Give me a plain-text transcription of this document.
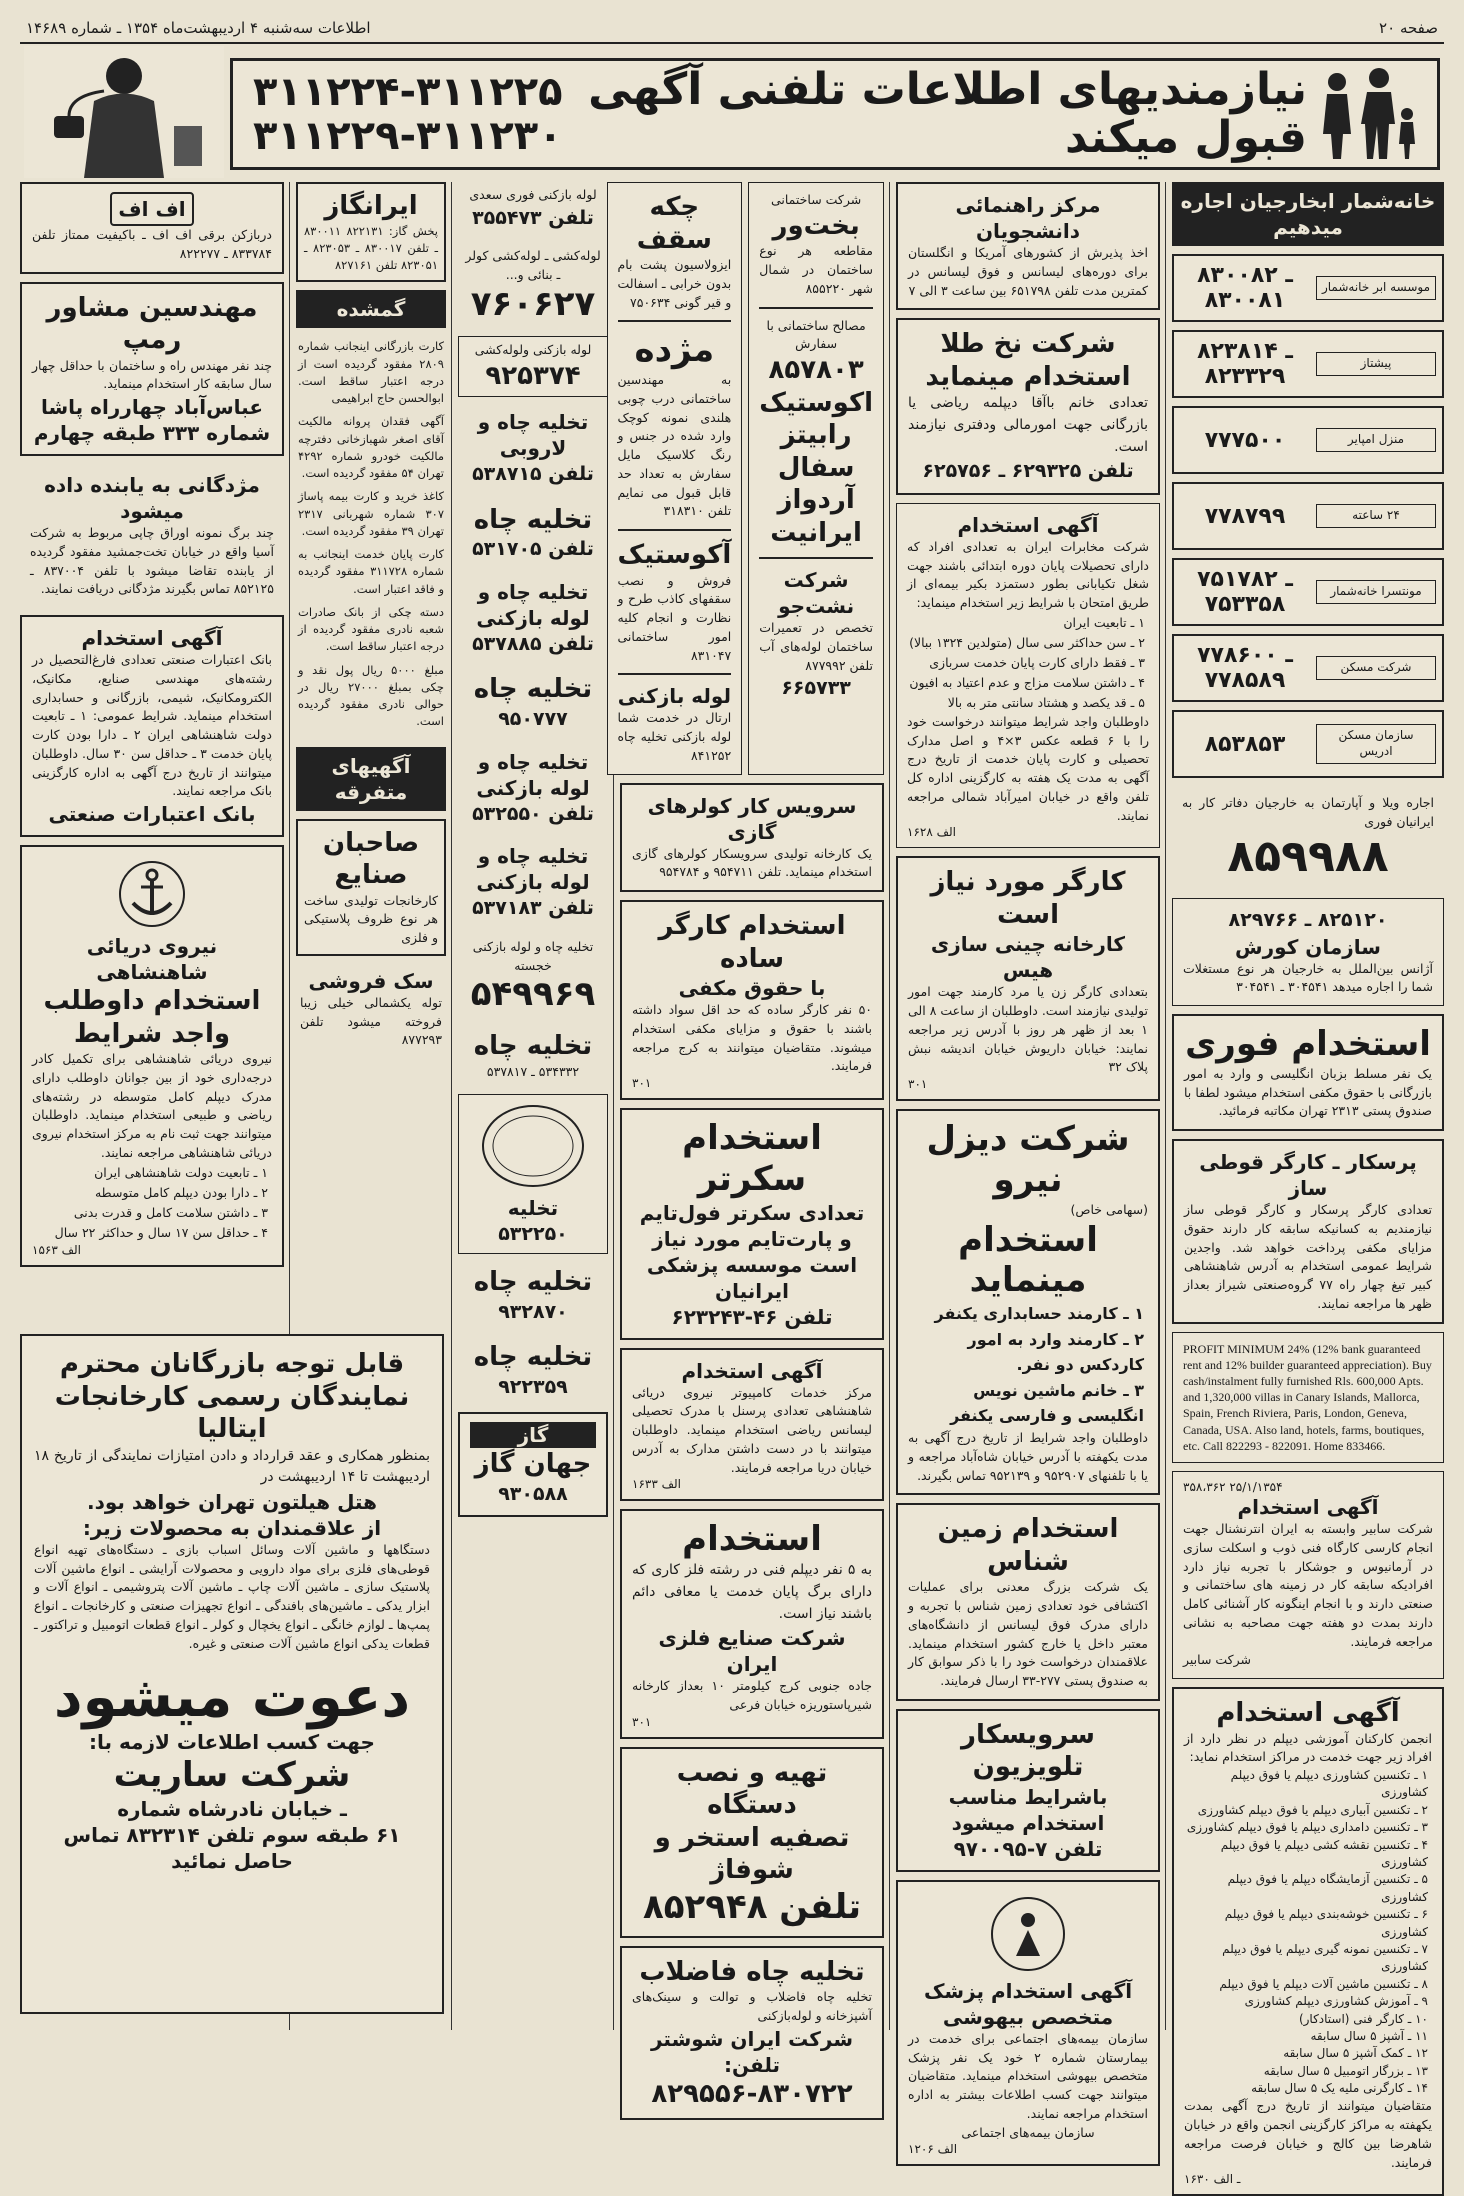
صفحه ۲۰
اطلاعات سه‌شنبه ۴ اردیبهشت‌ماه ۱۳۵۴ ـ شماره ۱۴۶۸۹
نیازمندیهای اطلاعات تلفنی آگهی قبول میکند
۳۱۱۲۲۴-۳۱۱۲۲۵
۳۱۱۲۲۹-۳۱۱۲۳۰
خانه‌شمار ابخارجیان اجاره میدهیم
موسسه ابر خانه‌شمار
۸۳۰۰۸۲ ـ ۸۳۰۰۸۱
پیشتاز
۸۲۳۸۱۴ ـ ۸۲۳۳۲۹
منزل امپایر
۷۷۷۵۰۰
۲۴ ساعته
۷۷۸۷۹۹
مونتسرا خانه‌شمار
۷۵۱۷۸۲ ـ ۷۵۳۳۵۸
شرکت مسکن
۷۷۸۶۰۰ ـ ۷۷۸۵۸۹
سازمان مسکن ادریس
۸۵۳۸۵۳
اجاره ویلا و آپارتمان به خارجیان دفاتر کار به ایرانیان فوری
۸۵۹۹۸۸
۸۲۵۱۲۰ ـ ۸۲۹۷۶۶
سازمان کورش
آژانس بین‌الملل به خارجیان هر نوع مستغلات شما را اجاره میدهد ۳۰۴۵۴۱ ـ ۳۰۴۵۴۱
استخدام فوری
یک نفر مسلط بزبان انگلیسی و وارد به امور بازرگانی با حقوق مکفی استخدام میشود لطفا با صندوق پستی ۲۳۱۳ تهران مکاتبه فرمائید.
پرسکار ـ کارگر قوطی ساز
تعدادی کارگر پرسکار و کارگر قوطی ساز نیازمندیم به کسانیکه سابقه کار دارند حقوق مزایای مکفی پرداخت خواهد شد. واجدین شرایط عمومی استخدام به آدرس شاهنشاهی کبیر تیغ چهار راه ۷۷ گروه‌صنعتی شیراز بعداز ظهر ها مراجعه نمایند.
PROFIT MINIMUM 24% (12% bank guaranteed rent and 12% builder guaranteed appreciation). Buy cash/instalment fully furnished Rls. 600,000 Apts. and 1,320,000 villas in Canary Islands, Mallorca, Spain, French Riviera, Paris, London, Geneva, Canada, USA. Also land, hotels, farms, boutiques, etc. Call 822293 - 822091. Home 833466.
۳۵۸،۳۶۲ ۲۵/۱/۱۳۵۴
آگهی استخدام
شرکت سابیر وابسته به ایران انترنشنال جهت انجام کارسی کارگاه فنی ذوب و اسکلت سازی در آرمانیوس و جوشکار با تجربه نیاز دارد افرادیکه سابقه کار در زمینه های ساختمانی و صنعتی دارند و با انجام اینگونه کار آشنائی کامل دارند بمدت دو هفته جهت مصاحبه به نشانی مراجعه فرمایند.
شرکت سابیر
آگهی استخدام
انجمن کارکنان آموزشی دیپلم در نظر دارد از افراد زیر جهت خدمت در مراکز استخدام نماید:
۱ ـ تکنسین کشاورزی دیپلم یا فوق دیپلم کشاورزی
۲ ـ تکنسین آبیاری دیپلم یا فوق دیپلم کشاورزی
۳ ـ تکنسین دامداری دیپلم یا فوق دیپلم کشاورزی
۴ ـ تکنسین نقشه کشی دیپلم یا فوق دیپلم کشاورزی
۵ ـ تکنسین آزمایشگاه دیپلم یا فوق دیپلم کشاورزی
۶ ـ تکنسین خوشه‌بندی دیپلم یا فوق دیپلم کشاورزی
۷ ـ تکنسین نمونه گیری دیپلم یا فوق دیپلم کشاورزی
۸ ـ تکنسین ماشین آلات دیپلم یا فوق دیپلم
۹ ـ آموزش کشاورزی دیپلم کشاورزی
۱۰ ـ کارگر فنی (استادکار)
۱۱ ـ آشپز ۵ سال سابقه
۱۲ ـ کمک آشپز ۵ سال سابقه
۱۳ ـ بزرگار اتومبیل ۵ سال سابقه
۱۴ ـ کارگرنی ملیه یک ۵ سال سابقه
متقاضیان میتوانند از تاریخ درج آگهی بمدت یکهفته به مراکز کارگزینی انجمن واقع در خیابان شاهرضا بین کالج و خیابان فرصت مراجعه فرمایند.
۱۶۳۰ ـ الف
مرکز راهنمائی دانشجویان
اخذ پذیرش از کشورهای آمریکا و انگلستان برای دوره‌های لیسانس و فوق لیسانس در کمترین مدت تلفن ۶۵۱۷۹۸ بین ساعت ۳ الی ۷
شرکت نخ طلا
استخدام مینماید
تعدادی خانم باآقا دیپلمه ریاضی یا بازرگانی جهت امورمالی ودفتری نیازمند است.
تلفن ۶۲۹۳۲۵ ـ ۶۲۵۷۵۶
آگهی استخدام
شرکت مخابرات ایران به تعدادی افراد که دارای تحصیلات پایان دوره ابتدائی باشند جهت شغل تکیابانی بطور دستمزد بکیر بیمه‌ای از طریق امتحان با شرایط زیر استخدام مینماید:
۱ ـ تابعیت ایران
۲ ـ سن حداکثر سی سال (متولدین ۱۳۲۴ ببالا)
۳ ـ فقط دارای کارت پایان خدمت سربازی
۴ ـ داشتن سلامت مزاج و عدم اعتیاد به افیون
۵ ـ قد یکصد و هشتاد سانتی متر به بالا
داوطلبان واجد شرایط میتوانند درخواست خود را با ۶ قطعه عکس ۳×۴ و اصل مدارک تحصیلی و کارت پایان خدمت از تاریخ درج آگهی به مدت یک هفته به کارگزینی اداره کل تلفن واقع در خیابان امیرآباد شمالی مراجعه نمایند.
الف ۱۶۲۸
کارگر مورد نیاز است
کارخانه چینی سازی هیس
بتعدادی کارگر زن یا مرد کارمند جهت امور تولیدی نیازمند است. داوطلبان از ساعت ۸ الی ۱ بعد از ظهر هر روز با آدرس زیر مراجعه نمایند: خیابان داریوش خیابان اندیشه نبش پلاک ۳۲
۳۰۱
شرکت دیزل نیرو
(سهامی خاص)
استخدام مینماید
۱ ـ کارمند حسابداری یکنفر
۲ ـ کارمند وارد به امور کاردکس دو نفر.
۳ ـ خانم ماشین نویس انگلیسی و فارسی یکنفر
داوطلبان واجد شرایط از تاریخ درج آگهی به مدت یکهفته با آدرس خیابان شاه‌آباد مراجعه و یا با تلفنهای ۹۵۲۹۰۷ و ۹۵۲۱۳۹ تماس بگیرند.
استخدام زمین شناس
یک شرکت بزرگ معدنی برای عملیات اکتشافی خود تعدادی زمین شناس با تجربه و دارای مدرک فوق لیسانس از دانشگاه‌های معتبر داخل یا خارج کشور استخدام مینماید. علاقمندان درخواست خود را با ذکر سوابق کار به صندوق پستی ۲۷۷-۳۳ ارسال فرمایند.
سرویسکار تلویزیون
باشرایط مناسب استخدام میشود
تلفن ۷-۹۷۰۰۹۵
آگهی استخدام پزشک متخصص بیهوشی
سازمان بیمه‌های اجتماعی برای خدمت در بیمارستان شماره ۲ خود یک نفر پزشک متخصص بیهوشی استخدام مینماید. متقاضیان میتوانند جهت کسب اطلاعات بیشتر به اداره استخدام مراجعه نمایند.
سازمان بیمه‌های اجتماعی
۱۲۰۶ الف
شرکت ساختمانی
بخت‌ور
مقاطعه هر نوع ساختمان در شمال شهر ۸۵۵۲۲۰
مصالح ساختمانی با سفارش
۸۵۷۸۰۳
اکوستیک رابیتز سفال آردواز ایرانیت
شرکت نشت‌جو
تخصص در تعمیرات ساختمان لوله‌های آب تلفن ۸۷۷۹۹۲
۶۶۵۷۳۳
چکه سقف
ایزولاسیون پشت بام بدون خرابی ـ اسفالت و قیر گونی ۷۵۰۶۳۴
مژده
به مهندسین ساختمانی درب چوبی هلندی نمونه کوچک وارد شده در جنس و رنگ کلاسیک مایل سفارش به تعداد حد قابل قبول می نمایم تلفن ۳۱۸۳۱۰
آکوستیک
فروش و نصب سقفهای کاذب طرح و نظارت و انجام کلیه امور ساختمانی ۸۳۱۰۴۷
لوله بازکنی
ارتال در خدمت شما لوله بازکنی تخلیه چاه ۸۴۱۲۵۲
سرویس کار کولرهای گازی
یک کارخانه تولیدی سرویسکار کولر‌های گازی استخدام مینماید. تلفن ۹۵۴۷۱۱ و ۹۵۴۷۸۴
استخدام کارگر ساده
با حقوق مکفی
۵۰ نفر کارگر ساده که حد اقل سواد داشته باشند با حقوق و مزایای مکفی استخدام میشوند. متقاضیان میتوانند به کرج مراجعه فرمایند.
۳۰۱
استخدام سکرتر
تعدادی سکرتر فول‌تایم و پارت‌تایم مورد نیاز است موسسه پزشکی ایرانیان
تلفن ۴۶-۶۲۳۲۴۳
آگهی استخدام
مرکز خدمات کامپیوتر نیروی دریائی شاهنشاهی تعدادی پرسنل با مدرک تحصیلی لیسانس ریاضی استخدام مینماید. داوطلبان میتوانند با در دست داشتن مدارک به آدرس خیابان دریا مراجعه فرمایند.
الف ۱۶۳۳
استخدام
به ۵ نفر دیپلم فنی در رشته فلز کاری که دارای برگ پایان خدمت یا معافی دائم باشند نیاز است.
شرکت صنایع فلزی ایران
جاده جنوبی کرج کیلومتر ۱۰ بعداز کارخانه شیرپاستوریزه خیابان فرعی
۳۰۱
تهیه و نصب دستگاه
تصفیه استخر و شوفاژ
تلفن ۸۵۲۹۴۸
تخلیه چاه فاضلاب
تخلیه چاه فاضلاب و توالت و سینک‌های آشپزخانه و لوله‌بازکنی
شرکت ایران شوشتر تلفن:
۸۲۹۵۵۶-۸۳۰۷۲۲
لوله بازکنی فوری سعدی
تلفن ۳۵۵۴۷۳
لوله‌کشی ـ لوله‌کشی کولر ـ بنائی و...
۷۶۰۶۲۷
لوله بازکنی ولوله‌کشی
۹۲۵۳۷۴
تخلیه چاه و لاروبی
تلفن ۵۳۸۷۱۵
تخلیه چاه
تلفن ۵۳۱۷۰۵
تخلیه چاه و لوله بازکنی
تلفن ۵۳۷۸۸۵
تخلیه چاه
۹۵۰۷۷۷
تخلیه چاه و لوله بازکنی
تلفن ۵۳۲۵۵۰
تخلیه چاه و لوله بازکنی
تلفن ۵۳۷۱۸۳
تخلیه چاه و لوله بازکنی خجسته
۵۴۹۹۶۹
تخلیه چاه
۵۳۴۳۳۲ ـ ۵۳۷۸۱۷
تخلیه
۵۳۲۲۵۰
تخلیه چاه
۹۳۲۸۷۰
تخلیه چاه
۹۲۲۳۵۹
گاز
جهان گاز
۹۳۰۵۸۸
ایرانگاز
پخش گاز: ۸۲۲۱۳۱ ۸۳۰۰۱۱ ـ تلفن ۸۳۰۰۱۷ ـ ۸۲۳۰۵۳ ـ ۸۲۳۰۵۱ تلفن ۸۲۷۱۶۱
گمشده
کارت بازرگانی اینجانب شماره ۲۸۰۹ مفقود گردیده است از درجه اعتبار ساقط است. ابوالحسن حاج ابراهیمی
آگهی فقدان پروانه مالکیت آقای اصغر شهبازخانی دفترچه مالکیت خودرو شماره ۴۲۹۲ تهران ۵۴ مفقود گردیده است.
کاغذ خرید و کارت بیمه پاساژ ۳۰۷ شماره شهربانی ۲۳۱۷ تهران ۳۹ مفقود گردیده است.
کارت پایان خدمت اینجانب به شماره ۳۱۱۷۲۸ مفقود گردیده و فاقد اعتبار است.
دسته چکی از بانک صادرات شعبه نادری مفقود گردیده از درجه اعتبار ساقط است.
مبلغ ۵۰۰۰ ریال پول نقد و چکی بمبلغ ۲۷۰۰۰ ریال در حوالی نادری مفقود گردیده است.
آگهیهای متفرقه
صاحبان صنایع
کارخانجات تولیدی ساخت هر نوع ظروف پلاستیکی و فلزی
سک فروشی
توله یکشمالی خیلی زیبا فروخته میشود تلفن ۸۷۷۲۹۳
اف اف
دربازکن برقی اف اف ـ باکیفیت ممتاز تلفن ۸۳۳۷۸۴ ـ ۸۲۲۲۷۷
مهندسین مشاور رمپ
چند نفر مهندس راه و ساختمان با حداقل چهار سال سابقه کار استخدام مینماید.
عباس‌آباد چهارراه پاشا شماره ۳۳۳ طبقه چهارم
مژدگانی به یابنده داده میشود
چند برگ نمونه اوراق چاپی مربوط به شرکت آسیا واقع در خیابان تخت‌جمشید مفقود گردیده از یابنده تقاضا میشود با تلفن ۸۳۷۰۰۴ ـ ۸۵۲۱۲۵ تماس بگیرند مژدگانی دریافت نمایند.
آگهی استخدام
بانک اعتبارات صنعتی تعدادی فارغ‌التحصیل در رشته‌های مهندسی صنایع، مکانیک، الکترومکانیک، شیمی، بازرگانی و حسابداری استخدام مینماید. شرایط عمومی: ۱ ـ تابعیت دولت شاهنشاهی ایران ۲ ـ دارا بودن کارت پایان خدمت ۳ ـ حداقل سن ۳۰ سال. داوطلبان میتوانند از تاریخ درج آگهی به اداره کارگزینی بانک مراجعه نمایند.
بانک اعتبارات صنعتی
نیروی دریائی شاهنشاهی
استخدام داوطلب واجد شرایط
نیروی دریائی شاهنشاهی برای تکمیل کادر درجه‌داری خود از بین جوانان داوطلب دارای مدرک دیپلم کامل متوسطه در رشته‌های ریاضی و طبیعی استخدام مینماید. داوطلبان میتوانند جهت ثبت نام به مرکز استخدام نیروی دریائی شاهنشاهی مراجعه نمایند.
۱ ـ تابعیت دولت شاهنشاهی ایران
۲ ـ دارا بودن دیپلم کامل متوسطه
۳ ـ داشتن سلامت کامل و قدرت بدنی
۴ ـ حداقل سن ۱۷ سال و حداکثر ۲۲ سال
الف ۱۵۶۳
قابل توجه بازرگانان محترم
نمایندگان رسمی کارخانجات ایتالیا
بمنظور همکاری و عقد قرارداد و دادن امتیازات نمایندگی از تاریخ ۱۸ اردیبهشت تا ۱۴ اردیبهشت در
هتل هیلتون تهران خواهد بود.
از علاقمندان به محصولات زیر:
دستگاهها و ماشین آلات وسائل اسباب بازی ـ دستگاه‌های تهیه انواع قوطی‌های فلزی برای مواد دارویی و محصولات آرایشی ـ انواع ماشین آلات پلاستیک سازی ـ ماشین آلات چاپ ـ ماشین آلات پتروشیمی ـ انواع آلات و ابزار یدکی ـ ماشین‌های بافندگی ـ انواع تجهیزات صنعتی و کارخانجات ـ انواع پمپ‌ها ـ لوازم خانگی ـ انواع یخچال و کولر ـ انواع قطعات اتومبیل و تراکتور ـ قطعات یدکی انواع ماشین آلات صنعتی و غیره.
دعوت میشود
جهت کسب اطلاعات لازمه با:
شرکت ساریت
ـ خیابان نادرشاه شماره
۶۱ طبقه سوم تلفن ۸۳۲۳۱۴ تماس حاصل نمائید
